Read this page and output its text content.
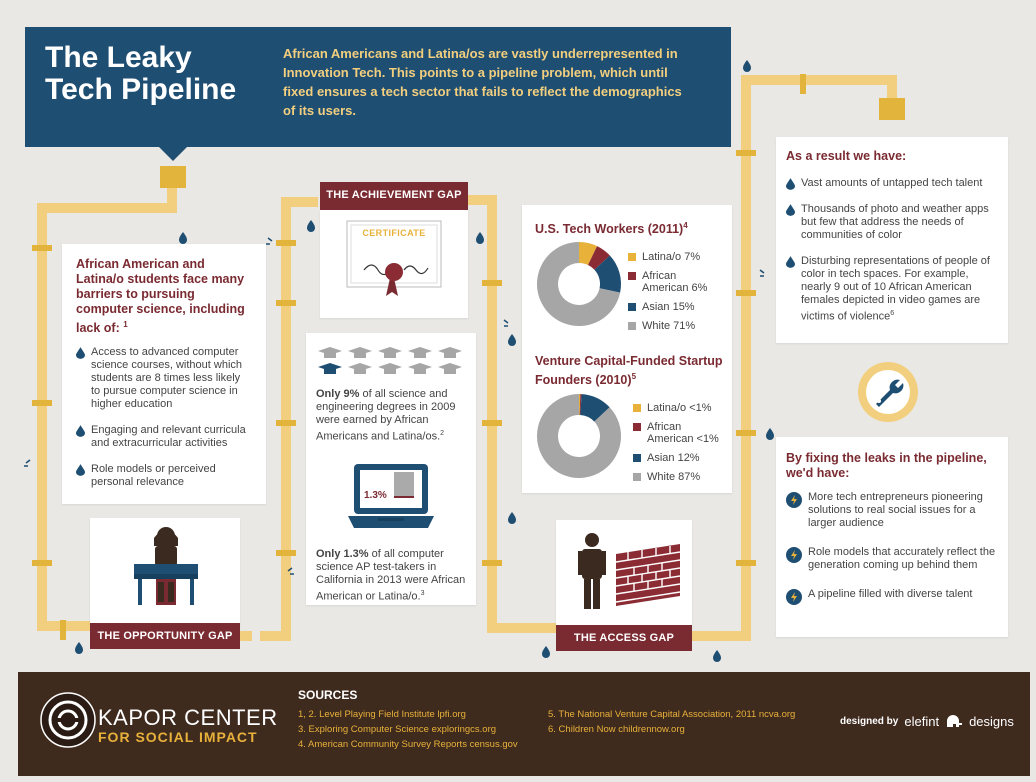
The Leaky
Tech Pipeline
African Americans and Latina/os are vastly underrepresented in Innovation Tech. This points to a pipeline problem, which until fixed ensures a tech sector that fails to reflect the demographics of its users.
African American and Latina/o students face many barriers to pursuing computer science, including lack of: $^1$
Access to advanced computer science courses, without which students are 8 times less likely to pursue computer science in higher education
Engaging and relevant curricula and extracurricular activities
Role models or perceived personal relevance
THE OPPORTUNITY GAP
THE ACHIEVEMENT GAP
CERTIFICATE
Only 9% of all science and engineering degrees in 2009 were earned by African Americans and Latina/os.$^2$
1.3%
Only 1.3% of all computer science AP test-takers in California in 2013 were African American or Latina/o.$^3$
U.S. Tech Workers $(2011)^4$
Latina/o 7%
African American 6%
Asian 15%
White 71%
Venture Capital-Funded Startup Founders $(2010)^5$
Latina/o <1%
African American <1%
Asian 12%
White 87%
THE ACCESS GAP
As a result we have:
Vast amounts of untapped tech talent
Thousands of photo and weather apps but few that address the needs of communities of color
Disturbing representations of people of color in tech spaces. For example, nearly 9 out of 10 African American females depicted in video games are victims of violence$^6$
By fixing the leaks in the pipeline, we'd have:
More tech entrepreneurs pioneering solutions to real social issues for a larger audience
Role models that accurately reflect the generation coming up behind them
A pipeline filled with diverse talent
KAPOR CENTER
FOR SOCIAL IMPACT
SOURCES
1, 2. Level Playing Field Institute lpfi.org
3. Exploring Computer Science exploringcs.org
4. American Community Survey Reports census.gov
5. The National Venture Capital Association, 2011 ncva.org
6. Children Now childrennow.org
designed by elefint designs
